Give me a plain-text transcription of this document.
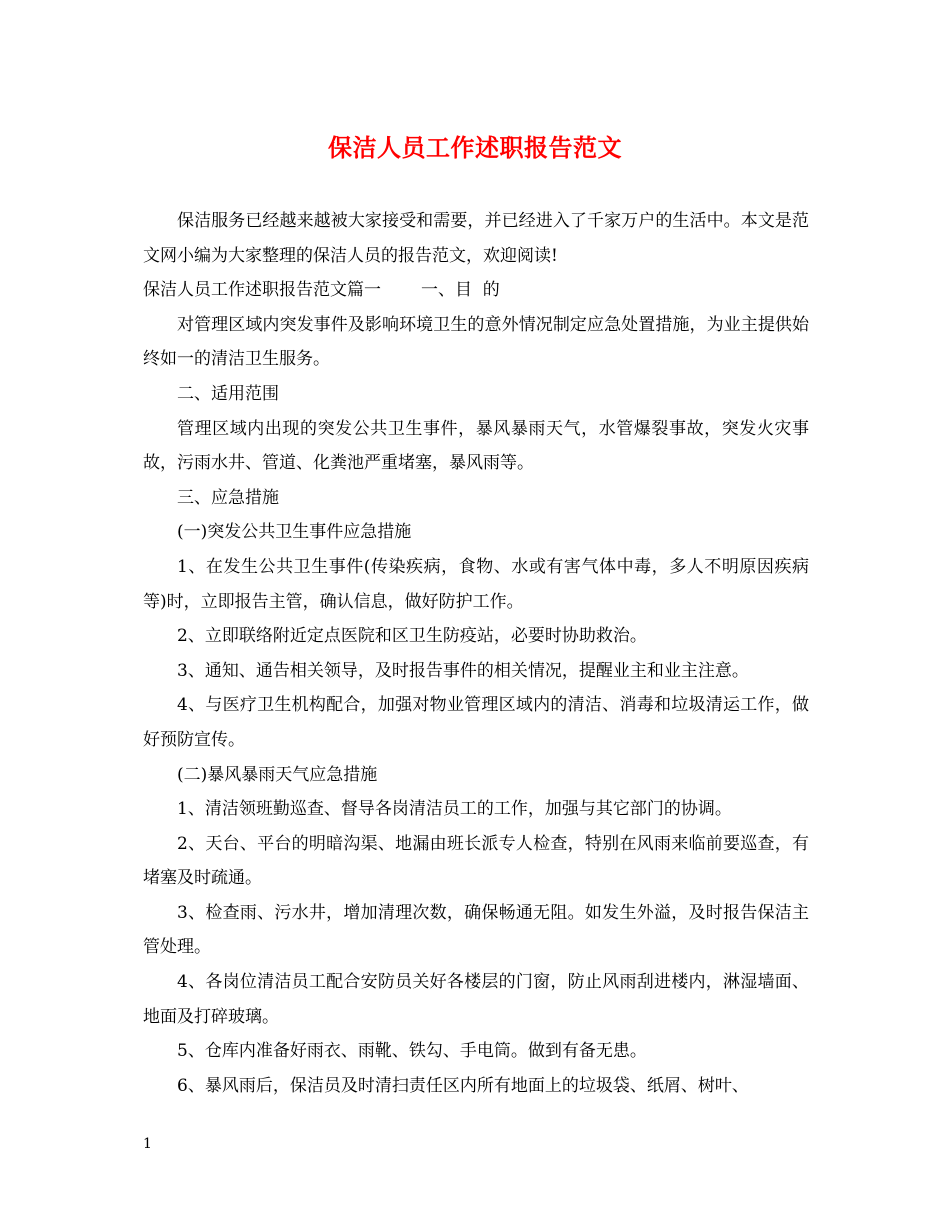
保洁人员工作述职报告范文

保洁服务已经越来越被大家接受和需要，并已经进入了千家万户的生活中。本文是范文网小编为大家整理的保洁人员的报告范文，欢迎阅读!

保洁人员工作述职报告范文篇一 一、目  的

对管理区域内突发事件及影响环境卫生的意外情况制定应急处置措施，为业主提供始终如一的清洁卫生服务。

二、适用范围

管理区域内出现的突发公共卫生事件，暴风暴雨天气，水管爆裂事故，突发火灾事故，污雨水井、管道、化粪池严重堵塞，暴风雨等。

三、应急措施

(一)突发公共卫生事件应急措施

1、在发生公共卫生事件(传染疾病，食物、水或有害气体中毒，多人不明原因疾病等)时，立即报告主管，确认信息，做好防护工作。

2、立即联络附近定点医院和区卫生防疫站，必要时协助救治。

3、通知、通告相关领导，及时报告事件的相关情况，提醒业主和业主注意。

4、与医疗卫生机构配合，加强对物业管理区域内的清洁、消毒和垃圾清运工作，做好预防宣传。

(二)暴风暴雨天气应急措施

1、清洁领班勤巡查、督导各岗清洁员工的工作，加强与其它部门的协调。

2、天台、平台的明暗沟渠、地漏由班长派专人检查，特别在风雨来临前要巡查，有堵塞及时疏通。

3、检查雨、污水井，增加清理次数，确保畅通无阻。如发生外溢，及时报告保洁主管处理。

4、各岗位清洁员工配合安防员关好各楼层的门窗，防止风雨刮进楼内，淋湿墙面、地面及打碎玻璃。

5、仓库内准备好雨衣、雨靴、铁勾、手电筒。做到有备无患。

6、暴风雨后，保洁员及时清扫责任区内所有地面上的垃圾袋、纸屑、树叶、

1
